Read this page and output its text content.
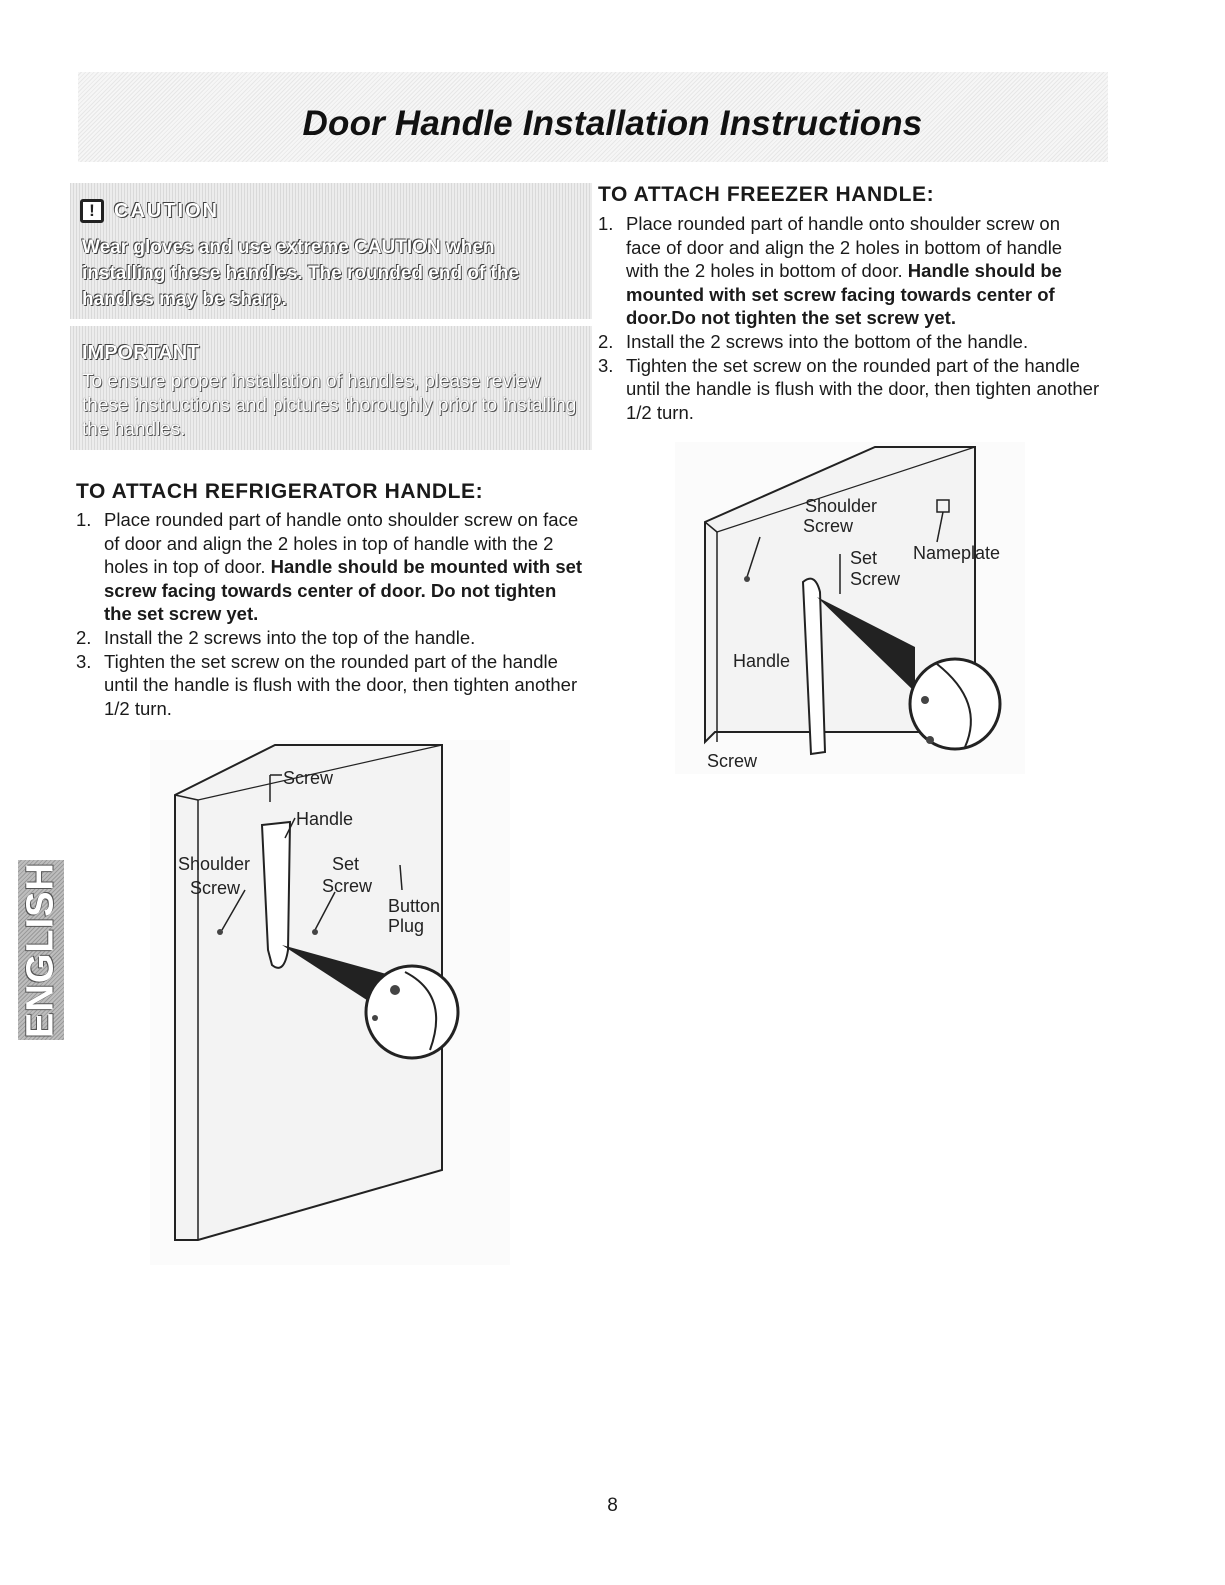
Door Handle Installation Instructions
! CAUTION
Wear gloves and use extreme CAUTION when installing these handles. The rounded end of the handles may be sharp.
IMPORTANT
To ensure proper installation of handles, please review these instructions and pictures thoroughly prior to installing the handles.
TO ATTACH REFRIGERATOR HANDLE:
1. Place rounded part of handle onto shoulder screw on face of door and align the 2 holes in top of handle with the 2 holes in top of door. Handle should be mounted with set screw facing towards center of door. Do not tighten the set screw yet.
2. Install the 2 screws into the top of the handle.
3. Tighten the set screw on the rounded part of the handle until the handle is flush with the door, then tighten another 1/2 turn.
TO ATTACH FREEZER HANDLE:
1. Place rounded part of handle onto shoulder screw on face of door and align the 2 holes in bottom of handle with the 2 holes in bottom of door. Handle should be mounted with set screw facing towards center of door.Do not tighten the set screw yet.
2. Install the 2 screws into the bottom of the handle.
3. Tighten the set screw on the rounded part of the handle until the handle is flush with the door, then tighten another 1/2 turn.
Screw
Handle
Shoulder
Screw
Set
Screw
Button
Plug
Shoulder
Screw
Set
Screw
Nameplate
Handle
Screw
ENGLISH
8
